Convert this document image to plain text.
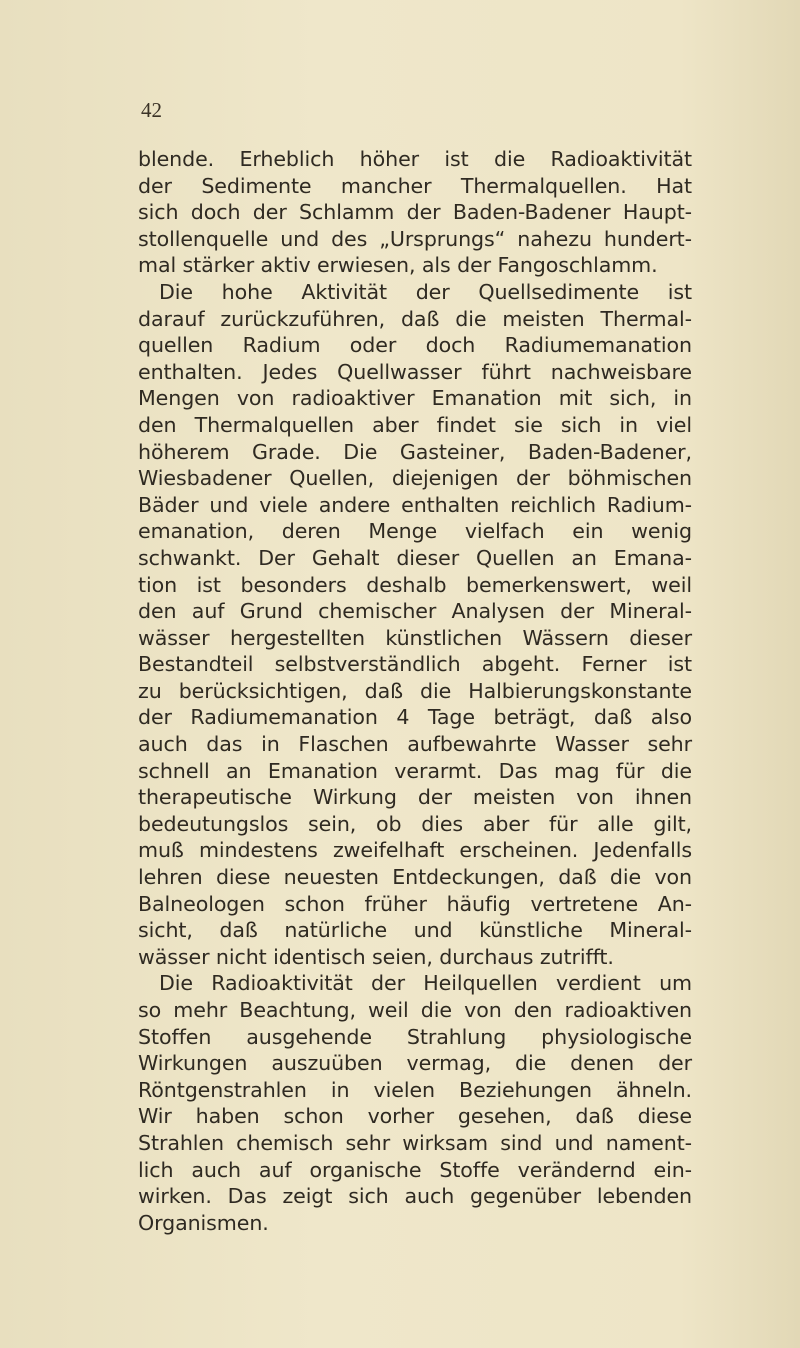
42
blende. Erheblich höher ist die Radioaktivität
der Sedimente mancher Thermalquellen. Hat
sich doch der Schlamm der Baden-Badener Haupt-
stollenquelle und des „Ursprungs“ nahezu hundert-
mal stärker aktiv erwiesen, als der Fangoschlamm.
Die hohe Aktivität der Quellsedimente ist
darauf zurückzuführen, daß die meisten Thermal-
quellen Radium oder doch Radiumemanation
enthalten. Jedes Quellwasser führt nachweisbare
Mengen von radioaktiver Emanation mit sich, in
den Thermalquellen aber findet sie sich in viel
höherem Grade. Die Gasteiner, Baden-Badener,
Wiesbadener Quellen, diejenigen der böhmischen
Bäder und viele andere enthalten reichlich Radium-
emanation, deren Menge vielfach ein wenig
schwankt. Der Gehalt dieser Quellen an Emana-
tion ist besonders deshalb bemerkenswert, weil
den auf Grund chemischer Analysen der Mineral-
wässer hergestellten künstlichen Wässern dieser
Bestandteil selbstverständlich abgeht. Ferner ist
zu berücksichtigen, daß die Halbierungskonstante
der Radiumemanation 4 Tage beträgt, daß also
auch das in Flaschen aufbewahrte Wasser sehr
schnell an Emanation verarmt. Das mag für die
therapeutische Wirkung der meisten von ihnen
bedeutungslos sein, ob dies aber für alle gilt,
muß mindestens zweifelhaft erscheinen. Jedenfalls
lehren diese neuesten Entdeckungen, daß die von
Balneologen schon früher häufig vertretene An-
sicht, daß natürliche und künstliche Mineral-
wässer nicht identisch seien, durchaus zutrifft.
Die Radioaktivität der Heilquellen verdient um
so mehr Beachtung, weil die von den radioaktiven
Stoffen ausgehende Strahlung physiologische
Wirkungen auszuüben vermag, die denen der
Röntgenstrahlen in vielen Beziehungen ähneln.
Wir haben schon vorher gesehen, daß diese
Strahlen chemisch sehr wirksam sind und nament-
lich auch auf organische Stoffe verändernd ein-
wirken. Das zeigt sich auch gegenüber lebenden
Organismen.
